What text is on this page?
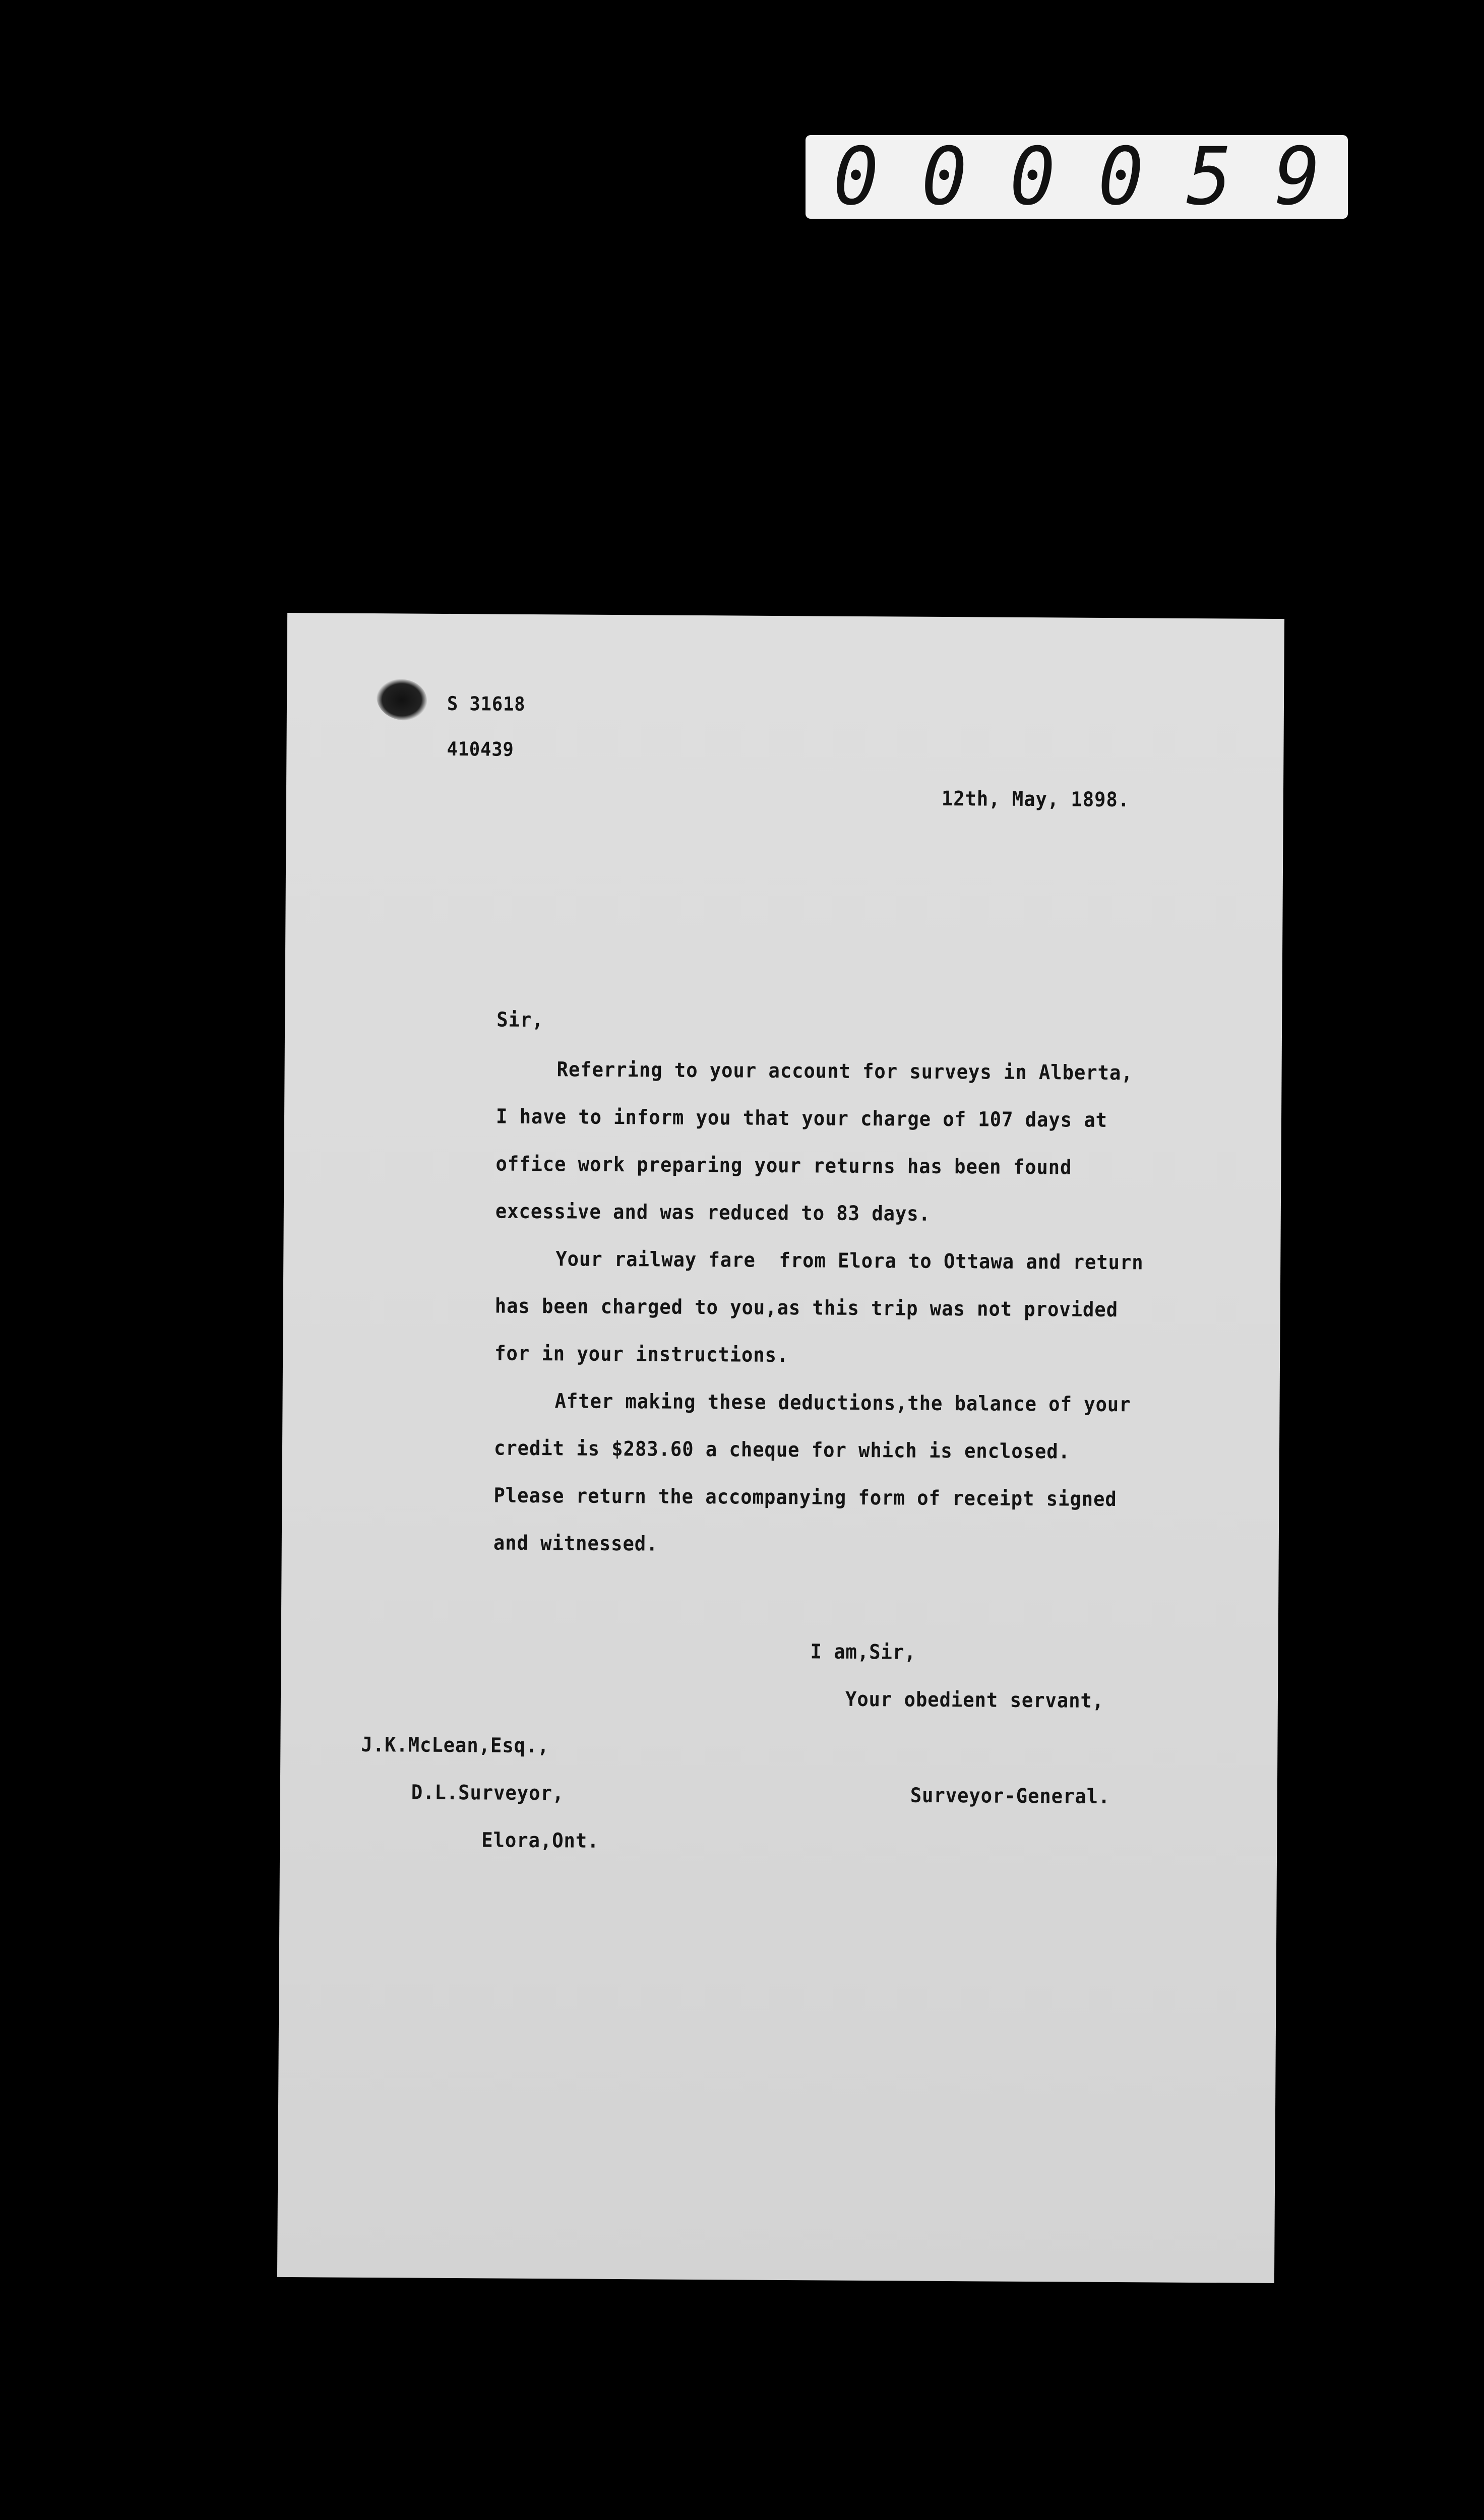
0 0 0 0 5 9
S 31618
410439
12th, May, 1898.
Sir,
Referring to your account for surveys in Alberta,
I have to inform you that your charge of 107 days at
office work preparing your returns has been found
excessive and was reduced to 83 days.
Your railway fare  from Elora to Ottawa and return
has been charged to you,as this trip was not provided
for in your instructions.
After making these deductions,the balance of your
credit is $283.60 a cheque for which is enclosed.
Please return the accompanying form of receipt signed
and witnessed.
I am,Sir,
Your obedient servant,
J.K.McLean,Esq.,
D.L.Surveyor,
Elora,Ont.
Surveyor-General.
